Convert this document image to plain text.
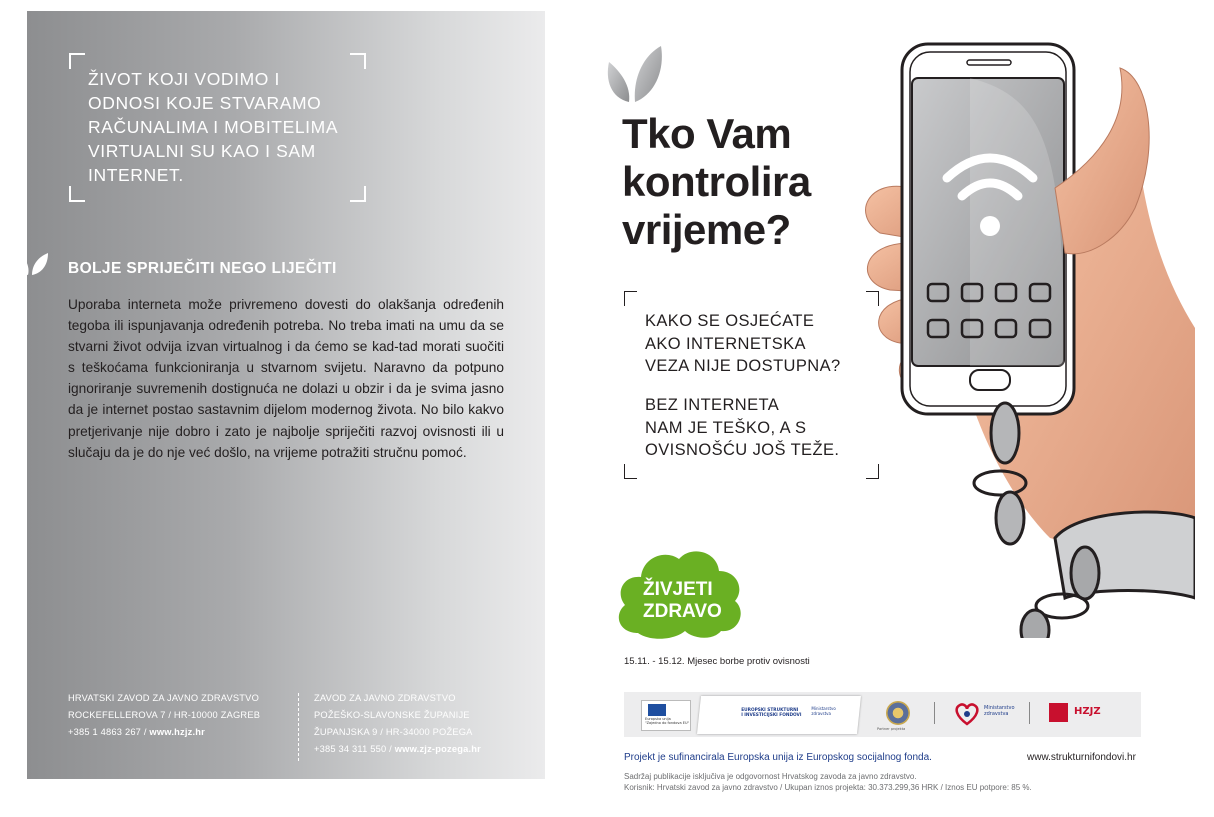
ŽIVOT KOJI VODIMO I
ODNOSI KOJE STVARAMO
RAČUNALIMA I MOBITELIMA
VIRTUALNI SU KAO I SAM
INTERNET.
BOLJE SPRIJEČITI NEGO LIJEČITI
Uporaba interneta može privremeno dovesti do olakšanja određenih tegoba ili ispunjavanja određenih potreba. No treba imati na umu da se stvarni život odvija izvan virtualnog i da ćemo se kad-tad morati suočiti s teškoćama funkcioniranja u stvarnom svijetu. Naravno da potpuno ignoriranje suvremenih dostignuća ne dolazi u obzir i da je svima jasno da je internet postao sastavnim dijelom modernog života. No bilo kakvo pretjerivanje nije dobro i zato je najbolje spriječiti razvoj ovisnosti ili u slučaju da je do nje već došlo, na vrijeme potražiti stručnu pomoć.
HRVATSKI ZAVOD ZA JAVNO ZDRAVSTVO
ROCKEFELLEROVA 7 / HR-10000 ZAGREB
+385 1 4863 267 / www.hzjz.hr
ZAVOD ZA JAVNO ZDRAVSTVO
POŽEŠKO-SLAVONSKE ŽUPANIJE
ŽUPANJSKA 9 / HR-34000 POŽEGA
+385 34 311 550 / www.zjz-pozega.hr
Tko Vam
kontrolira
vrijeme?
KAKO SE OSJEĆATE
AKO INTERNETSKA
VEZA NIJE DOSTUPNA?
BEZ INTERNETA
NAM JE TEŠKO, A S
OVISNOŠĆU JOŠ TEŽE.
ŽIVJETI
ZDRAVO
15.11. - 15.12. Mjesec borbe protiv ovisnosti
Europska unija
"Zajedno do fondova EU"
EUROPSKI STRUKTURNI
I INVESTICIJSKI FONDOVI
Ministarstvo
zdravstva
Partner projekta
Ministarstvo
zdravstva	HZJZ
Projekt je sufinancirala Europska unija iz Europskog socijalnog fonda.	www.strukturnifondovi.hr
Sadržaj publikacije isključiva je odgovornost Hrvatskog zavoda za javno zdravstvo.
Korisnik: Hrvatski zavod za javno zdravstvo / Ukupan iznos projekta: 30.373.299,36 HRK / Iznos EU potpore: 85 %.
